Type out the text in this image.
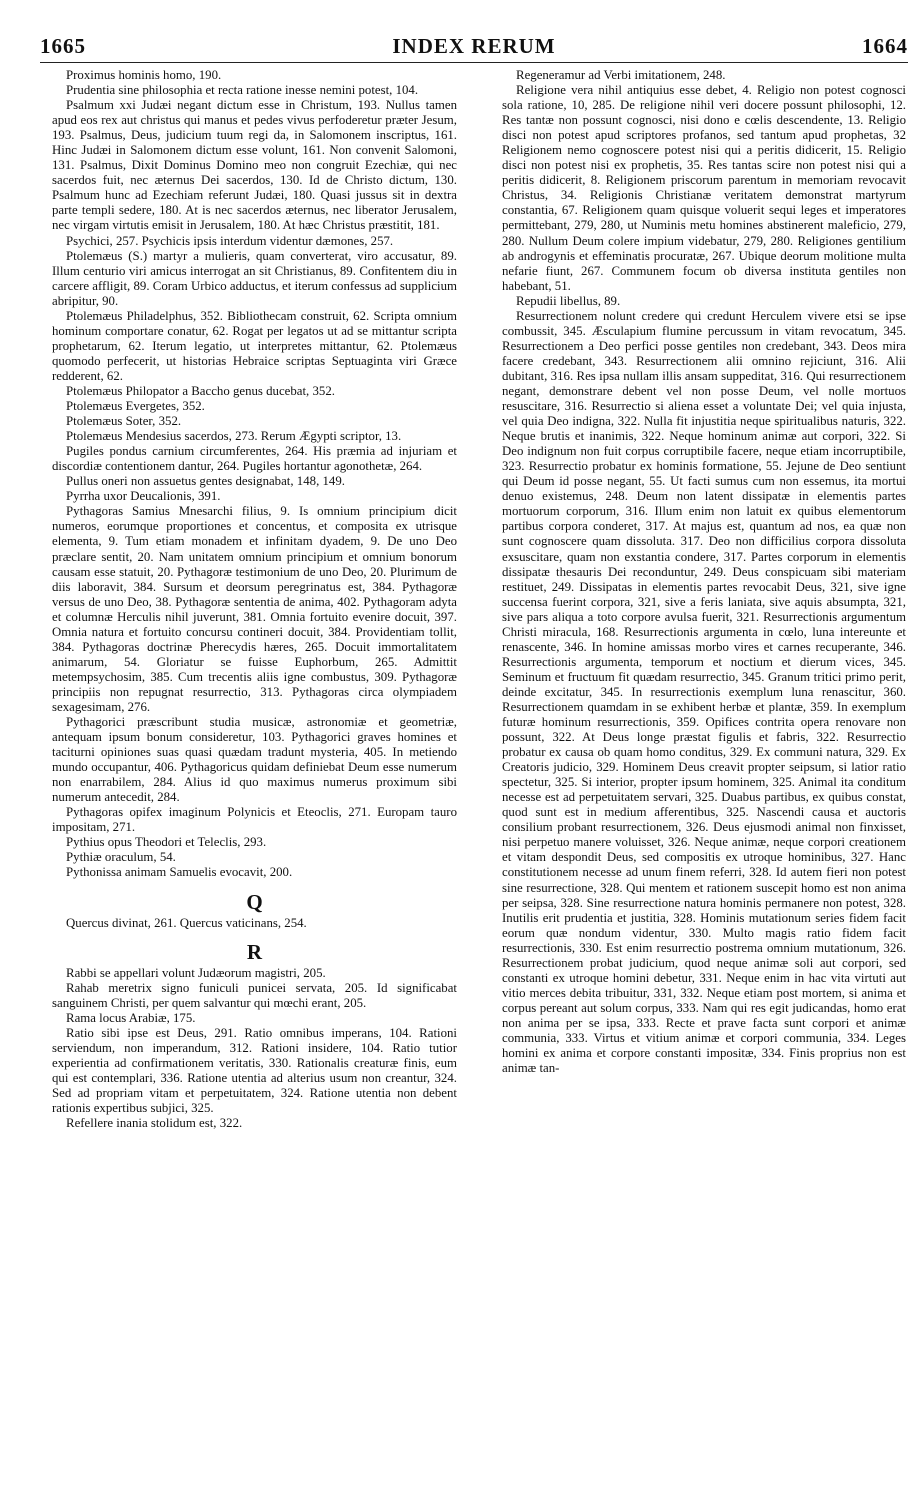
1665	INDEX RERUM	1664

Proximus hominis homo, 190.

Prudentia sine philosophia et recta ratione inesse nemini potest, 104.

Psalmum xxi Judæi negant dictum esse in Christum, 193. Nullus tamen apud eos rex aut christus qui manus et pedes vivus perfoderetur præter Jesum, 193. Psalmus, Deus, judicium tuum regi da, in Salomonem inscriptus, 161. Hinc Judæi in Salomonem dictum esse volunt, 161. Non convenit Salomoni, 131. Psalmus, Dixit Dominus Domino meo non congruit Ezechiæ, qui nec sacerdos fuit, nec æternus Dei sacerdos, 130. Id de Christo dictum, 130. Psalmum hunc ad Ezechiam referunt Judæi, 180. Quasi jussus sit in dextra parte templi sedere, 180. At is nec sacerdos æternus, nec liberator Jerusalem, nec virgam virtutis emisit in Jerusalem, 180. At hæc Christus præstitit, 181.

Psychici, 257. Psychicis ipsis interdum videntur dæmones, 257.

Ptolemæus (S.) martyr a mulieris, quam converterat, viro accusatur, 89. Illum centurio viri amicus interrogat an sit Christianus, 89. Confitentem diu in carcere affligit, 89. Coram Urbico adductus, et iterum confessus ad supplicium abripitur, 90.

Ptolemæus Philadelphus, 352. Bibliothecam construit, 62. Scripta omnium hominum comportare conatur, 62. Rogat per legatos ut ad se mittantur scripta prophetarum, 62. Iterum legatio, ut interpretes mittantur, 62. Ptolemæus quomodo perfecerit, ut historias Hebraice scriptas Septuaginta viri Græce redderent, 62.

Ptolemæus Philopator a Baccho genus ducebat, 352.

Ptolemæus Evergetes, 352.

Ptolemæus Soter, 352.

Ptolemæus Mendesius sacerdos, 273. Rerum Ægypti scriptor, 13.

Pugiles pondus carnium circumferentes, 264. His præmia ad injuriam et discordiæ contentionem dantur, 264. Pugiles hortantur agonothetæ, 264.

Pullus oneri non assuetus gentes designabat, 148, 149.

Pyrrha uxor Deucalionis, 391.

Pythagoras Samius Mnesarchi filius, 9. Is omnium principium dicit numeros, eorumque proportiones et concentus, et composita ex utrisque elementa, 9. Tum etiam monadem et infinitam dyadem, 9. De uno Deo præclare sentit, 20. Nam unitatem omnium principium et omnium bonorum causam esse statuit, 20. Pythagoræ testimonium de uno Deo, 20. Plurimum de diis laboravit, 384. Sursum et deorsum peregrinatus est, 384. Pythagoræ versus de uno Deo, 38. Pythagoræ sententia de anima, 402. Pythagoram adyta et columnæ Herculis nihil juverunt, 381. Omnia fortuito evenire docuit, 397. Omnia natura et fortuito concursu contineri docuit, 384. Providentiam tollit, 384. Pythagoras doctrinæ Pherecydis hæres, 265. Docuit immortalitatem animarum, 54. Gloriatur se fuisse Euphorbum, 265. Admittit metempsychosim, 385. Cum trecentis aliis igne combustus, 309. Pythagoræ principiis non repugnat resurrectio, 313. Pythagoras circa olympiadem sexagesimam, 276.

Pythagorici præscribunt studia musicæ, astronomiæ et geometriæ, antequam ipsum bonum consideretur, 103. Pythagorici graves homines et taciturni opiniones suas quasi quædam tradunt mysteria, 405. In metiendo mundo occupantur, 406. Pythagoricus quidam definiebat Deum esse numerum non enarrabilem, 284. Alius id quo maximus numerus proximum sibi numerum antecedit, 284.

Pythagoras opifex imaginum Polynicis et Eteoclis, 271. Europam tauro impositam, 271.

Pythius opus Theodori et Teleclis, 293.

Pythiæ oraculum, 54.

Pythonissa animam Samuelis evocavit, 200.

Q

Quercus divinat, 261. Quercus vaticinans, 254.

R

Rabbi se appellari volunt Judæorum magistri, 205.

Rahab meretrix signo funiculi punicei servata, 205. Id significabat sanguinem Christi, per quem salvantur qui mœchi erant, 205.

Rama locus Arabiæ, 175.

Ratio sibi ipse est Deus, 291. Ratio omnibus imperans, 104. Rationi serviendum, non imperandum, 312. Rationi insidere, 104. Ratio tutior experientia ad confirmationem veritatis, 330. Rationalis creaturæ finis, eum qui est contemplari, 336. Ratione utentia ad alterius usum non creantur, 324. Sed ad propriam vitam et perpetuitatem, 324. Ratione utentia non debent rationis expertibus subjici, 325.

Refellere inania stolidum est, 322.

Regeneramur ad Verbi imitationem, 248.

Religione vera nihil antiquius esse debet, 4. Religio non potest cognosci sola ratione, 10, 285. De religione nihil veri docere possunt philosophi, 12. Res tantæ non possunt cognosci, nisi dono e cœlis descendente, 13. Religio disci non potest apud scriptores profanos, sed tantum apud prophetas, 32 Religionem nemo cognoscere potest nisi qui a peritis didicerit, 15. Religio disci non potest nisi ex prophetis, 35. Res tantas scire non potest nisi qui a peritis didicerit, 8. Religionem priscorum parentum in memoriam revocavit Christus, 34. Religionis Christianæ veritatem demonstrat martyrum constantia, 67. Religionem quam quisque voluerit sequi leges et imperatores permittebant, 279, 280, ut Numinis metu homines abstinerent maleficio, 279, 280. Nullum Deum colere impium videbatur, 279, 280. Religiones gentilium ab androgynis et effeminatis procuratæ, 267. Ubique deorum molitione multa nefarie fiunt, 267. Communem focum ob diversa instituta gentiles non habebant, 51.

Repudii libellus, 89.

Resurrectionem nolunt credere qui credunt Herculem vivere etsi se ipse combussit, 345. Æsculapium flumine percussum in vitam revocatum, 345. Resurrectionem a Deo perfici posse gentiles non credebant, 343. Deos mira facere credebant, 343. Resurrectionem alii omnino rejiciunt, 316. Alii dubitant, 316. Res ipsa nullam illis ansam suppeditat, 316. Qui resurrectionem negant, demonstrare debent vel non posse Deum, vel nolle mortuos resuscitare, 316. Resurrectio si aliena esset a voluntate Dei; vel quia injusta, vel quia Deo indigna, 322. Nulla fit injustitia neque spiritualibus naturis, 322. Neque brutis et inanimis, 322. Neque hominum animæ aut corpori, 322. Si Deo indignum non fuit corpus corruptibile facere, neque etiam incorruptibile, 323. Resurrectio probatur ex hominis formatione, 55. Jejune de Deo sentiunt qui Deum id posse negant, 55. Ut facti sumus cum non essemus, ita mortui denuo existemus, 248. Deum non latent dissipatæ in elementis partes mortuorum corporum, 316. Illum enim non latuit ex quibus elementorum partibus corpora conderet, 317. At majus est, quantum ad nos, ea quæ non sunt cognoscere quam dissoluta. 317. Deo non difficilius corpora dissoluta exsuscitare, quam non exstantia condere, 317. Partes corporum in elementis dissipatæ thesauris Dei reconduntur, 249. Deus conspicuam sibi materiam restituet, 249. Dissipatas in elementis partes revocabit Deus, 321, sive igne succensa fuerint corpora, 321, sive a feris laniata, sive aquis absumpta, 321, sive pars aliqua a toto corpore avulsa fuerit, 321. Resurrectionis argumentum Christi miracula, 168. Resurrectionis argumenta in cœlo, luna intereunte et renascente, 346. In homine amissas morbo vires et carnes recuperante, 346. Resurrectionis argumenta, temporum et noctium et dierum vices, 345. Seminum et fructuum fit quædam resurrectio, 345. Granum tritici primo perit, deinde excitatur, 345. In resurrectionis exemplum luna renascitur, 360. Resurrectionem quamdam in se exhibent herbæ et plantæ, 359. In exemplum futuræ hominum resurrectionis, 359. Opifices contrita opera renovare non possunt, 322. At Deus longe præstat figulis et fabris, 322. Resurrectio probatur ex causa ob quam homo conditus, 329. Ex communi natura, 329. Ex Creatoris judicio, 329. Hominem Deus creavit propter seipsum, si latior ratio spectetur, 325. Si interior, propter ipsum hominem, 325. Animal ita conditum necesse est ad perpetuitatem servari, 325. Duabus partibus, ex quibus constat, quod sunt est in medium afferentibus, 325. Nascendi causa et auctoris consilium probant resurrectionem, 326. Deus ejusmodi animal non finxisset, nisi perpetuo manere voluisset, 326. Neque animæ, neque corpori creationem et vitam despondit Deus, sed compositis ex utroque hominibus, 327. Hanc constitutionem necesse ad unum finem referri, 328. Id autem fieri non potest sine resurrectione, 328. Qui mentem et rationem suscepit homo est non anima per seipsa, 328. Sine resurrectione natura hominis permanere non potest, 328. Inutilis erit prudentia et justitia, 328. Hominis mutationum series fidem facit eorum quæ nondum videntur, 330. Multo magis ratio fidem facit resurrectionis, 330. Est enim resurrectio postrema omnium mutationum, 326. Resurrectionem probat judicium, quod neque animæ soli aut corpori, sed constanti ex utroque homini debetur, 331. Neque enim in hac vita virtuti aut vitio merces debita tribuitur, 331, 332. Neque etiam post mortem, si anima et corpus pereant aut solum corpus, 333. Nam qui res egit judicandas, homo erat non anima per se ipsa, 333. Recte et prave facta sunt corpori et animæ communia, 333. Virtus et vitium animæ et corpori communia, 334. Leges homini ex anima et corpore constanti impositæ, 334. Finis proprius non est animæ tan-
